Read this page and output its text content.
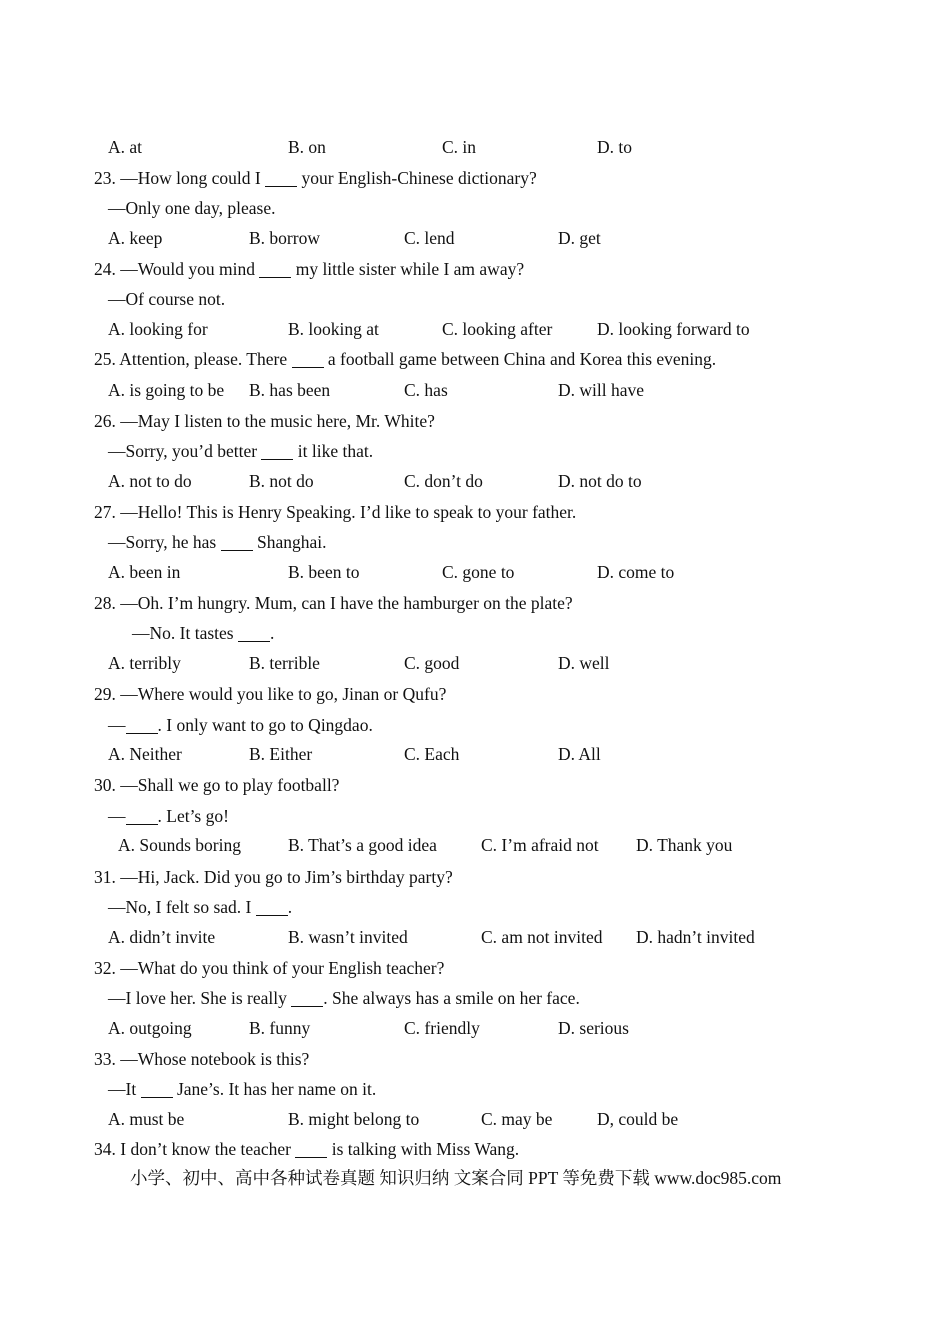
A. at	B. on	C. in	D. to
23. —How long could I your English-Chinese dictionary?
—Only one day, please.
A. keep	B. borrow	C. lend	D. get
24. —Would you mind my little sister while I am away?
—Of course not.
A. looking for	B. looking at	C. looking after	D. looking forward to
25. Attention, please. There a football game between China and Korea this evening.
A. is going to be B. has been	C. has	D. will have
26. —May I listen to the music here, Mr. White?
—Sorry, you’d better it like that.
A. not to do	B. not do	C. don’t do	D. not do to
27. —Hello! This is Henry Speaking. I’d like to speak to your father.
—Sorry, he has Shanghai.
A. been in	B. been to	C. gone to	D. come to
28. —Oh. I’m hungry. Mum, can I have the hamburger on the plate?
—No. It tastes .
A. terribly	B. terrible	C. good	D. well
29. —Where would you like to go, Jinan or Qufu?
— . I only want to go to Qingdao.
A. Neither	B. Either	C. Each	D. All
30. —Shall we go to play football?
— . Let’s go!
A. Sounds boring	B. That’s a good idea	C. I’m afraid not D. Thank you
31. —Hi, Jack. Did you go to Jim’s birthday party?
—No, I felt so sad. I .
A. didn’t invite	B. wasn’t invited	C. am not invited D. hadn’t invited
32. —What do you think of your English teacher?
—I love her. She is really . She always has a smile on her face.
A. outgoing	B. funny	C. friendly	D. serious
33. —Whose notebook is this?
—It Jane’s. It has her name on it.
A. must be	B. might belong to	C. may be	D, could be
34. I don’t know the teacher is talking with Miss Wang.
小学、初中、高中各种试卷真题 知识归纳 文案合同 PPT 等免费下载 www.doc985.com
